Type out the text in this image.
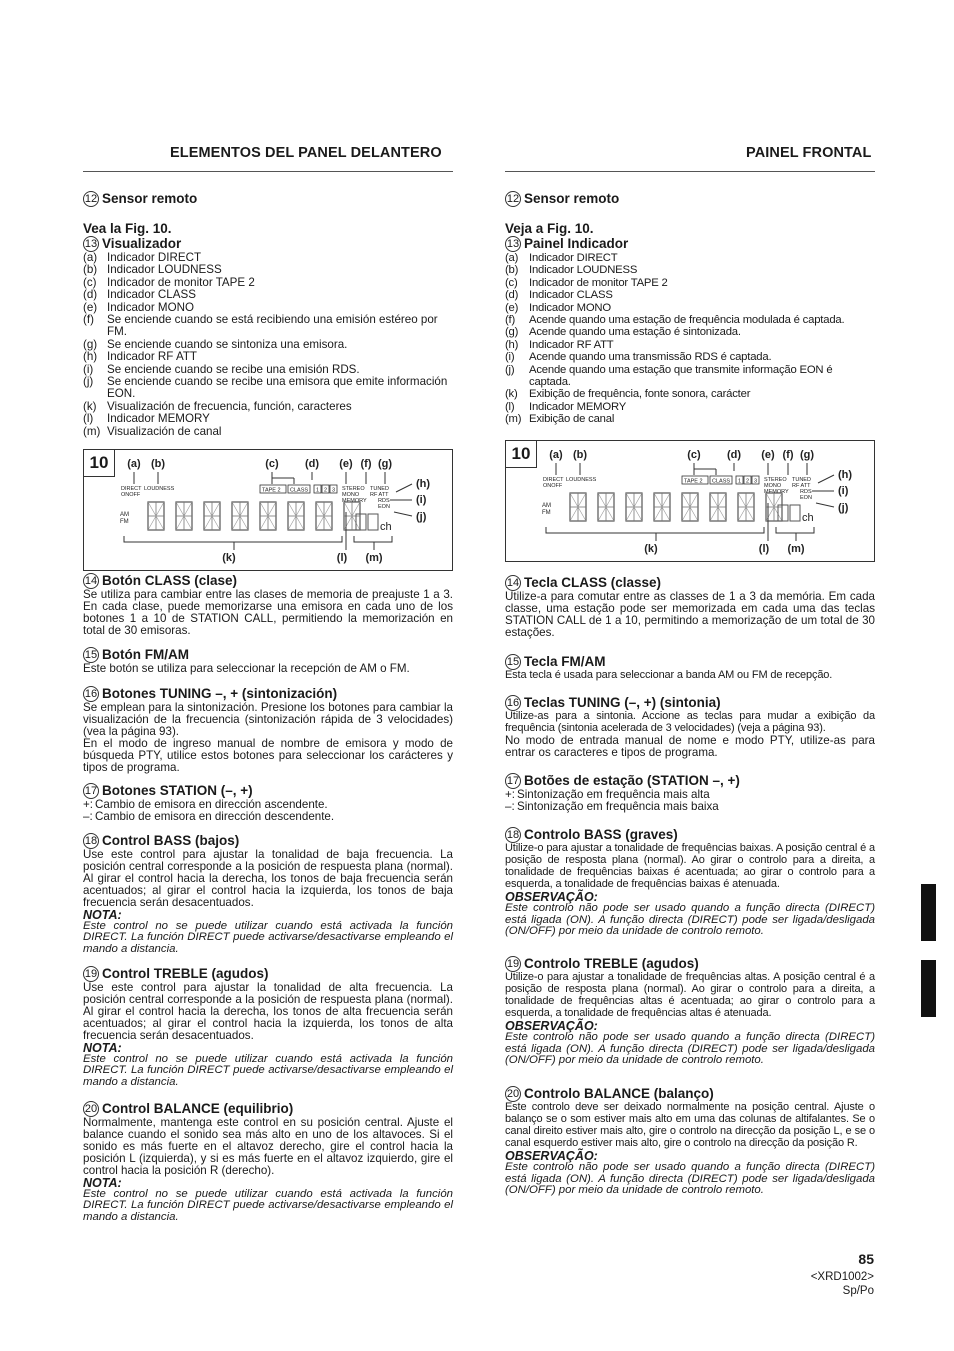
ELEMENTOS DEL PANEL DELANTERO	PAINEL FRONTAL
12 Sensor remoto
Vea la Fig. 10.
13 Visualizador
(a) Indicador DIRECT
(b) Indicador LOUDNESS
(c) Indicador de monitor TAPE 2
(d) Indicador CLASS
(e) Indicador MONO
(f)	Se enciende cuando se está recibiendo una emisión estéreo por FM.
(g) Se enciende cuando se sintoniza una emisora.
(h) Indicador RF ATT
(i)	Se enciende cuando se recibe una emisión RDS.
(j)	Se enciende cuando se recibe una emisora que emite información EON.
(k) Visualización de frecuencia, función, caracteres
(l)	Indicador MEMORY
(m) Visualización de canal
14 Botón CLASS (clase)
Se utiliza para cambiar entre las clases de memoria de preajuste 1 a 3. En cada clase, puede memorizarse una emisora en cada uno de los botones 1 a 10 de STATION CALL, permitiendo la memorización en total de 30 emisoras.
15 Botón FM/AM
Este botón se utiliza para seleccionar la recepción de AM o FM.
16 Botones TUNING –, + (sintonización)
Se emplean para la sintonización. Presione los botones para cambiar la visualización de la frecuencia (sintonización rápida de 3 velocidades) (vea la página 93).
En el modo de ingreso manual de nombre de emisora y modo de búsqueda PTY, utilice estos botones para seleccionar los carácteres y tipos de programa.
17 Botones STATION (–, +)
+: Cambio de emisora en dirección ascendente.
–: Cambio de emisora en dirección descendente.
18 Control BASS (bajos)
Use este control para ajustar la tonalidad de baja frecuencia. La posición central corresponde a la posición de respuesta plana (normal). Al girar el control hacia la derecha, los tonos de baja frecuencia serán acentuados; al girar el control hacia la izquierda, los tonos de baja frecuencia serán desacentuados.
NOTA:
Este control no se puede utilizar cuando está activada la función DIRECT. La función DIRECT puede activarse/desactivarse empleando el mando a distancia.
19 Control TREBLE (agudos)
Use este control para ajustar la tonalidad de alta frecuencia. La posición central corresponde a la posición de respuesta plana (normal). Al girar el control hacia la derecha, los tonos de alta frecuencia serán acentuados; al girar el control hacia la izquierda, los tonos de alta frecuencia serán desacentuados.
NOTA:
Este control no se puede utilizar cuando está activada la función DIRECT. La función DIRECT puede activarse/desactivarse empleando el mando a distancia.
20 Control BALANCE (equilibrio)
Normalmente, mantenga este control en su posición central. Ajuste el balance cuando el sonido sea más alto en uno de los altavoces. Si el sonido es más fuerte en el altavoz derecho, gire el control hacia la posición L (izquierda), y si es más fuerte en el altavoz izquierdo, gire el control hacia la posición R (derecho).
NOTA:
Este control no se puede utilizar cuando está activada la función DIRECT. La función DIRECT puede activarse/desactivarse empleando el mando a distancia.
12 Sensor remoto
Veja a Fig. 10.
13 Painel Indicador
(a) Indicador DIRECT
(b) Indicador LOUDNESS
(c)	Indicador de monitor TAPE 2
(d) Indicador CLASS
(e) Indicador MONO
(f)	Acende quando uma estação de frequência modulada é captada.
(g) Acende quando uma estação é sintonizada.
(h) Indicador RF ATT
(i)	Acende quando uma transmissão RDS é captada.
(j)	Acende quando uma estação que transmite informação EON é captada.
(k)	Exibição de frequência, fonte sonora, carácter
(l)	Indicador MEMORY
(m) Exibição de canal
14 Tecla CLASS (classe)
Utilize-a para comutar entre as classes de 1 a 3 da memória. Em cada classe, uma estação pode ser memorizada em cada uma das teclas STATION CALL de 1 a 10, permitindo a memorização de um total de 30 estações.
15 Tecla FM/AM
Esta tecla é usada para seleccionar a banda AM ou FM de recepção.
16 Teclas TUNING (–, +) (sintonia)
Utilize-as para a sintonia. Accione as teclas para mudar a exibição da frequência (sintonia acelerada de 3 velocidades) (veja a página 93).
No modo de entrada manual de nome e modo PTY, utilize-as para entrar os caracteres e tipos de programa.
17 Botões de estação (STATION –, +)
+: Sintonização em frequência mais alta
–: Sintonização em frequência mais baixa
18 Controlo BASS (graves)
Utilize-o para ajustar a tonalidade de frequências baixas. A posição central é a posição de resposta plana (normal). Ao girar o controlo para a direita, a tonalidade de frequências baixas é acentuada; ao girar o controlo para a esquerda, a tonalidade de frequências baixas é atenuada.
OBSERVAÇÃO:
Este controlo não pode ser usado quando a função directa (DIRECT) está ligada (ON). A função directa (DIRECT) pode ser ligada/desligada (ON/OFF) por meio da unidade de controlo remoto.
19 Controlo TREBLE (agudos)
Utilize-o para ajustar a tonalidade de frequências altas. A posição central é a posição de resposta plana (normal). Ao girar o controlo para a direita, a tonalidade de frequências altas é acentuada; ao girar o controlo para a esquerda, a tonalidade de frequências altas é atenuada.
OBSERVAÇÃO:
Este controlo não pode ser usado quando a função directa (DIRECT) está ligada (ON). A função directa (DIRECT) pode ser ligada/desligada (ON/OFF) por meio da unidade de controlo remoto.
20 Controlo BALANCE (balanço)
Este controlo deve ser deixado normalmente na posição central. Ajuste o balanço se o som estiver mais alto em uma das colunas de altifalantes. Se o canal direito estiver mais alto, gire o controlo na direcção da posição L, e se o canal esquerdo estiver mais alto, gire o controlo na direcção da posição R.
OBSERVAÇÃO:
Este controlo não pode ser usado quando a função directa (DIRECT) está ligada (ON). A função directa (DIRECT) pode ser ligada/desligada (ON/OFF) por meio da unidade de controlo remoto.
10	(a) (b)	(c) (d) (e) (f) (g)
DIRECT
ONOFF
LOUDNESS	TAPE 2 CLASS 1 2 3 STEREO
MONO
MEMORY
TUNED
RF ATT
RDS
EON
AM
FM
(h)
(i)
(j)
ch
(k)	(l) (m)
10	(a) (b)	(c) (d) (e) (f) (g)
DIRECT
ONOFF
LOUDNESS	TAPE 2 CLASS 1 2 3 STEREO
MONO
MEMORY
TUNED
RF ATT
RDS
EON
AM
FM
(h)
(i)
(j)
ch
(k)	(l) (m)
85
<XRD1002>
Sp/Po
